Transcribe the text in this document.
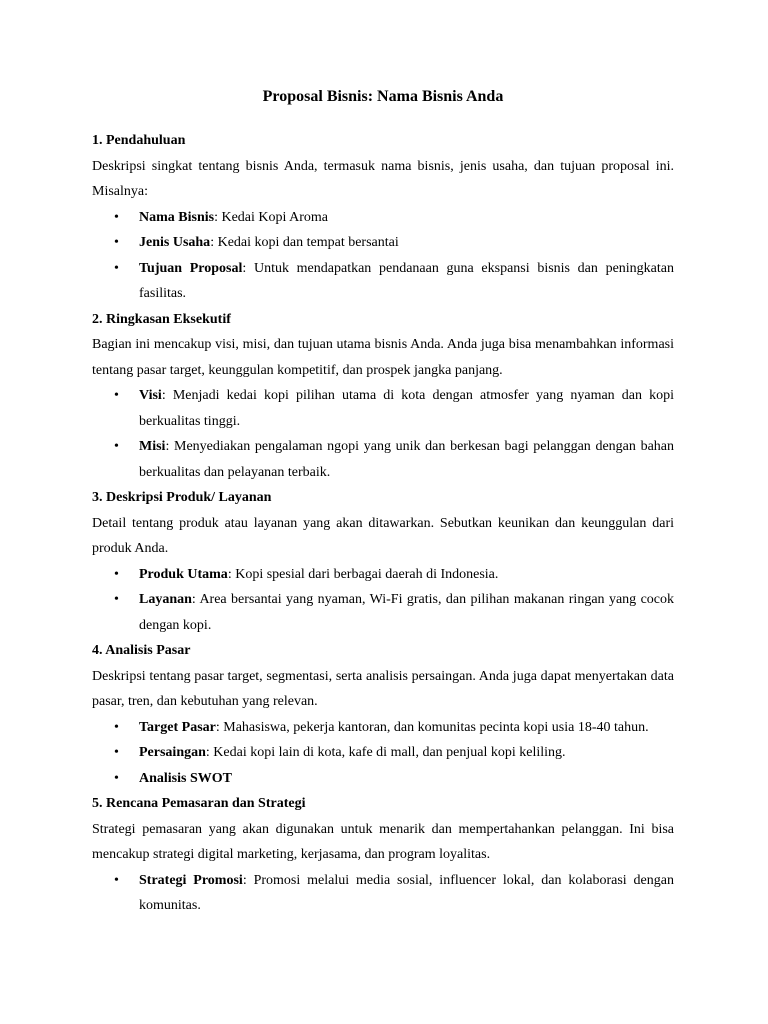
Proposal Bisnis: Nama Bisnis Anda
1. Pendahuluan
Deskripsi singkat tentang bisnis Anda, termasuk nama bisnis, jenis usaha, dan tujuan proposal ini. Misalnya:
• Nama Bisnis: Kedai Kopi Aroma
• Jenis Usaha: Kedai kopi dan tempat bersantai
• Tujuan Proposal: Untuk mendapatkan pendanaan guna ekspansi bisnis dan peningkatan fasilitas.
2. Ringkasan Eksekutif
Bagian ini mencakup visi, misi, dan tujuan utama bisnis Anda. Anda juga bisa menambahkan informasi tentang pasar target, keunggulan kompetitif, dan prospek jangka panjang.
• Visi: Menjadi kedai kopi pilihan utama di kota dengan atmosfer yang nyaman dan kopi berkualitas tinggi.
• Misi: Menyediakan pengalaman ngopi yang unik dan berkesan bagi pelanggan dengan bahan berkualitas dan pelayanan terbaik.
3. Deskripsi Produk/ Layanan
Detail tentang produk atau layanan yang akan ditawarkan. Sebutkan keunikan dan keunggulan dari produk Anda.
• Produk Utama: Kopi spesial dari berbagai daerah di Indonesia.
• Layanan: Area bersantai yang nyaman, Wi-Fi gratis, dan pilihan makanan ringan yang cocok dengan kopi.
4. Analisis Pasar
Deskripsi tentang pasar target, segmentasi, serta analisis persaingan. Anda juga dapat menyertakan data pasar, tren, dan kebutuhan yang relevan.
• Target Pasar: Mahasiswa, pekerja kantoran, dan komunitas pecinta kopi usia 18-40 tahun.
• Persaingan: Kedai kopi lain di kota, kafe di mall, dan penjual kopi keliling.
• Analisis SWOT
5. Rencana Pemasaran dan Strategi
Strategi pemasaran yang akan digunakan untuk menarik dan mempertahankan pelanggan. Ini bisa mencakup strategi digital marketing, kerjasama, dan program loyalitas.
• Strategi Promosi: Promosi melalui media sosial, influencer lokal, dan kolaborasi dengan komunitas.
